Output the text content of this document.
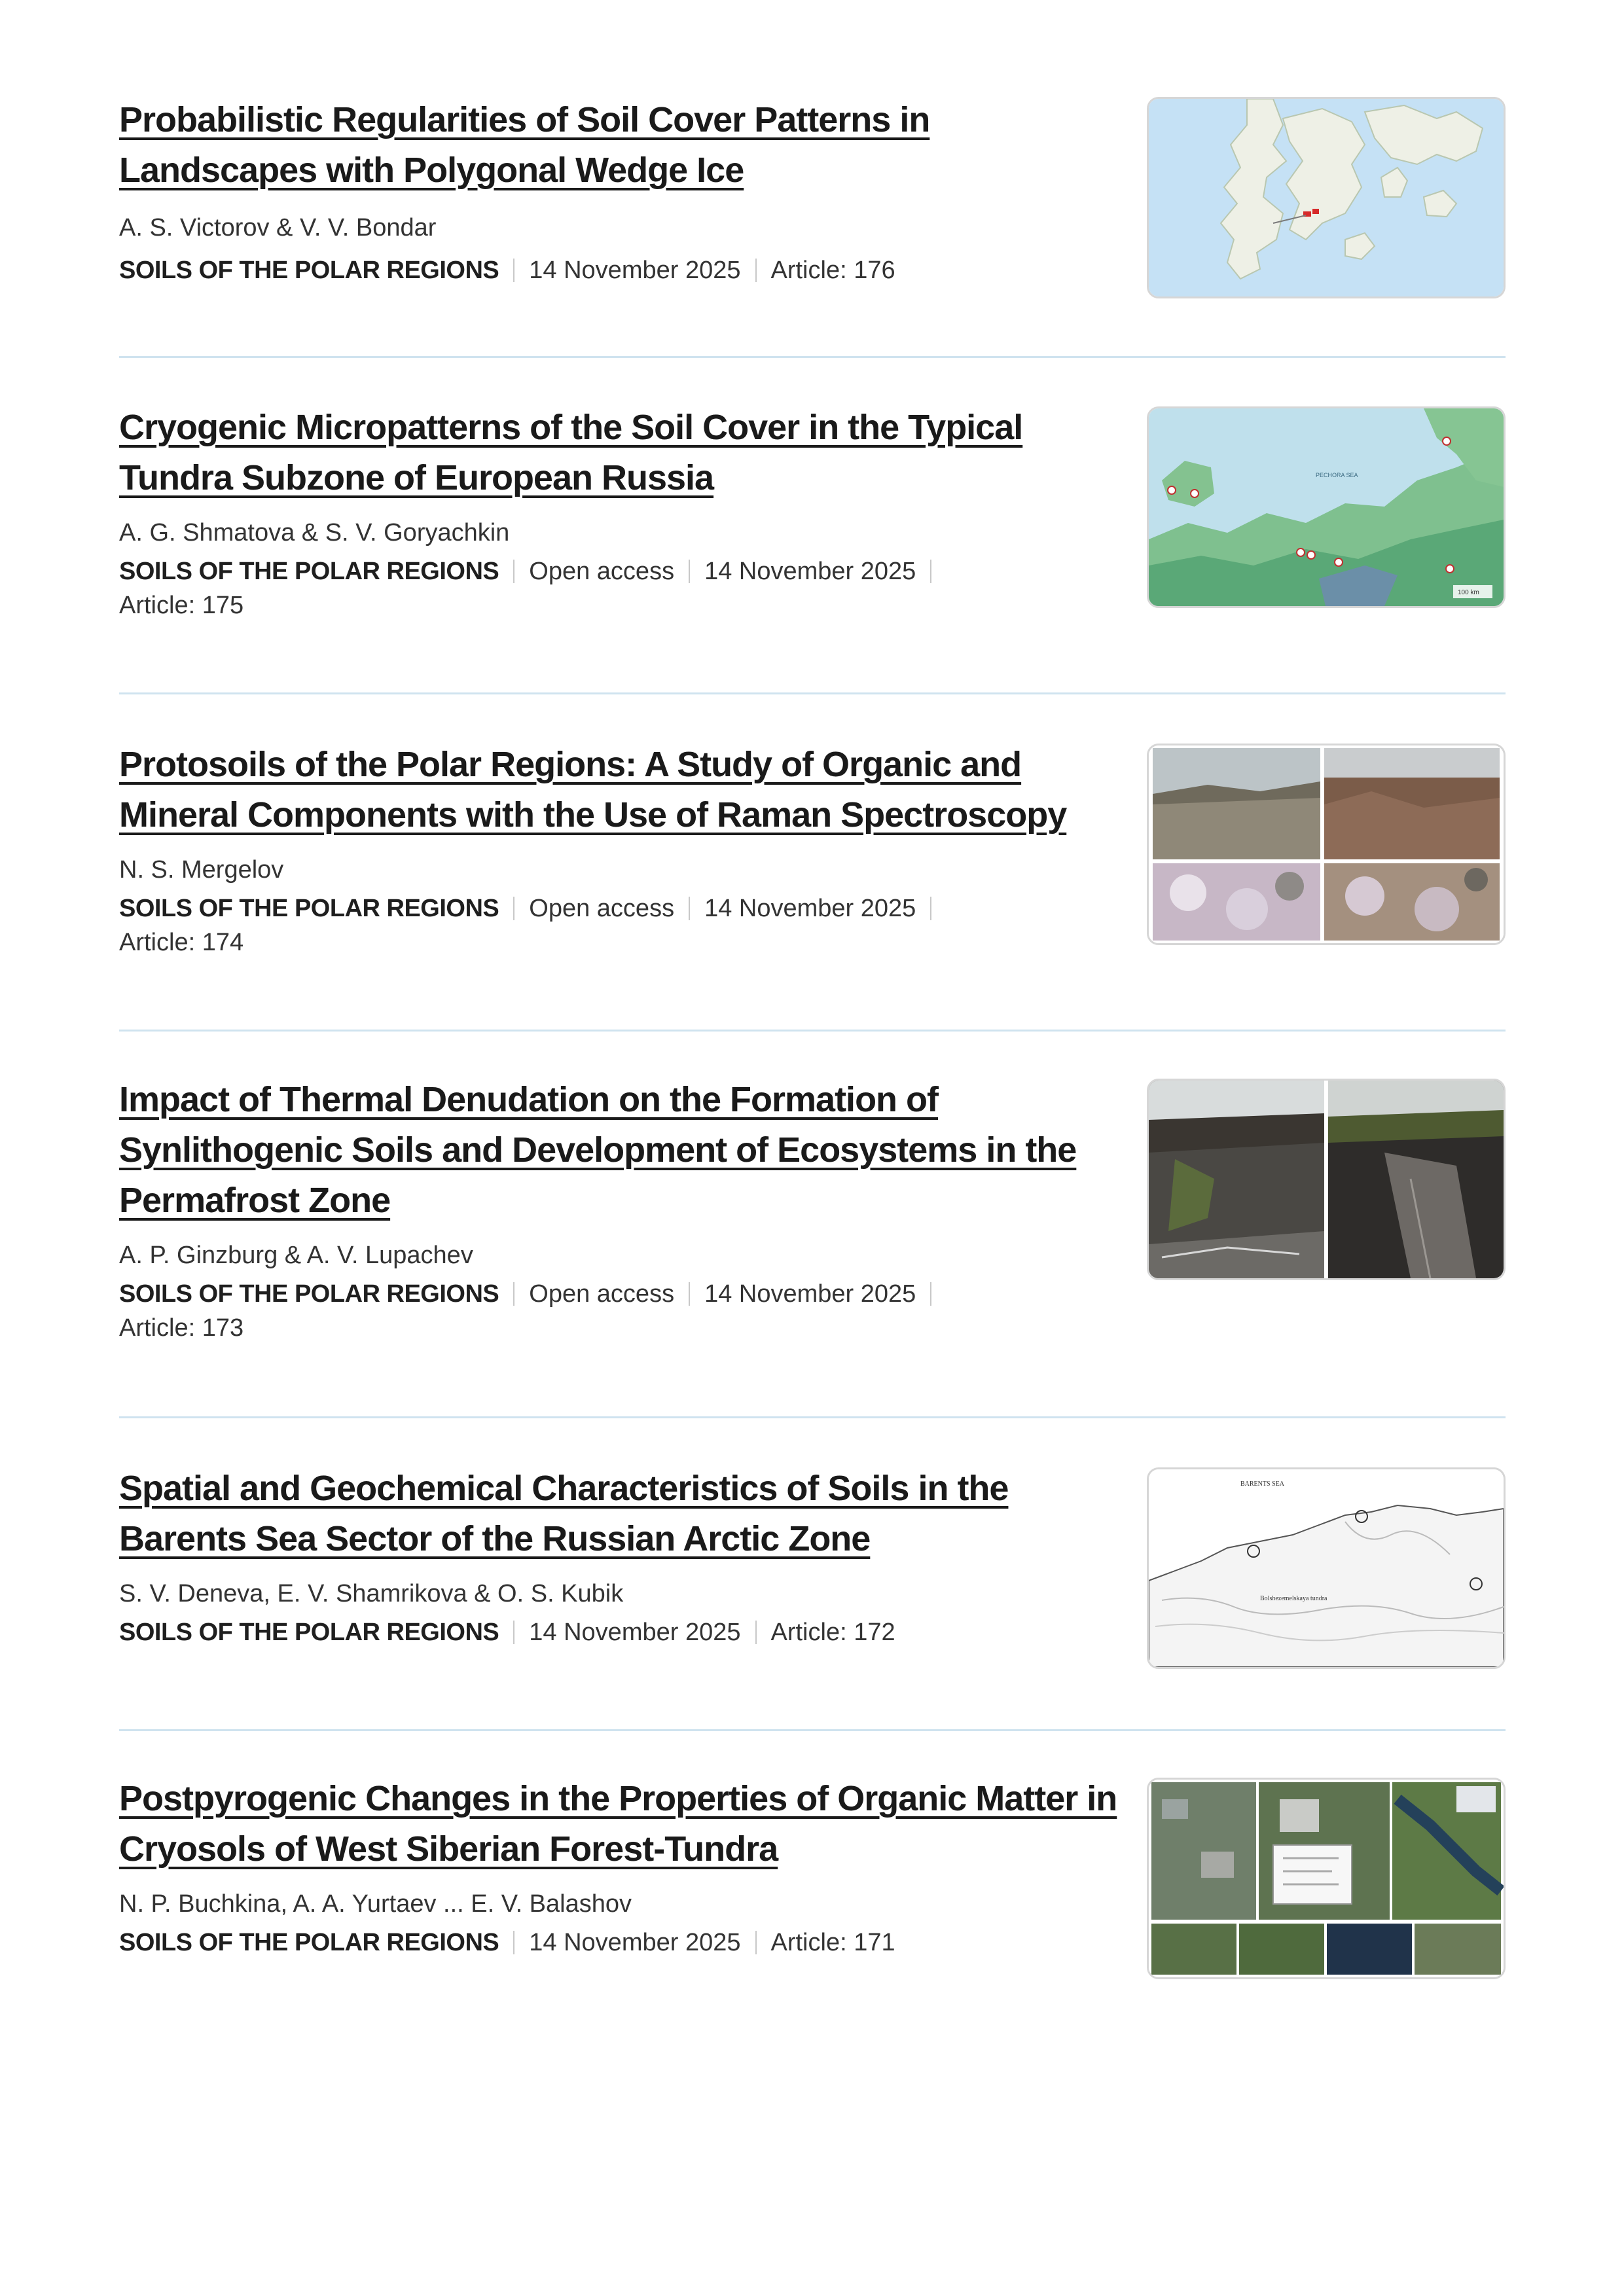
Probabilistic Regularities of Soil Cover Patterns in Landscapes with Polygonal Wedge Ice
A. S. Victorov & V. V. Bondar
SOILS OF THE POLAR REGIONS 14 November 2025 Article: 176
Cryogenic Micropatterns of the Soil Cover in the Typical Tundra Subzone of European Russia
A. G. Shmatova & S. V. Goryachkin
SOILS OF THE POLAR REGIONS Open access 14 November 2025
Article: 175
PECHORA SEA
100 km
Protosoils of the Polar Regions: A Study of Organic and Mineral Components with the Use of Raman Spectroscopy
N. S. Mergelov
SOILS OF THE POLAR REGIONS Open access 14 November 2025
Article: 174
Impact of Thermal Denudation on the Formation of Synlithogenic Soils and Development of Ecosystems in the Permafrost Zone
A. P. Ginzburg & A. V. Lupachev
SOILS OF THE POLAR REGIONS Open access 14 November 2025
Article: 173
Spatial and Geochemical Characteristics of Soils in the Barents Sea Sector of the Russian Arctic Zone
S. V. Deneva, E. V. Shamrikova & O. S. Kubik
SOILS OF THE POLAR REGIONS 14 November 2025 Article: 172
BARENTS SEA
Bolshezemelskaya tundra
Postpyrogenic Changes in the Properties of Organic Matter in Cryosols of West Siberian Forest-Tundra
N. P. Buchkina, A. A. Yurtaev ... E. V. Balashov
SOILS OF THE POLAR REGIONS 14 November 2025 Article: 171
